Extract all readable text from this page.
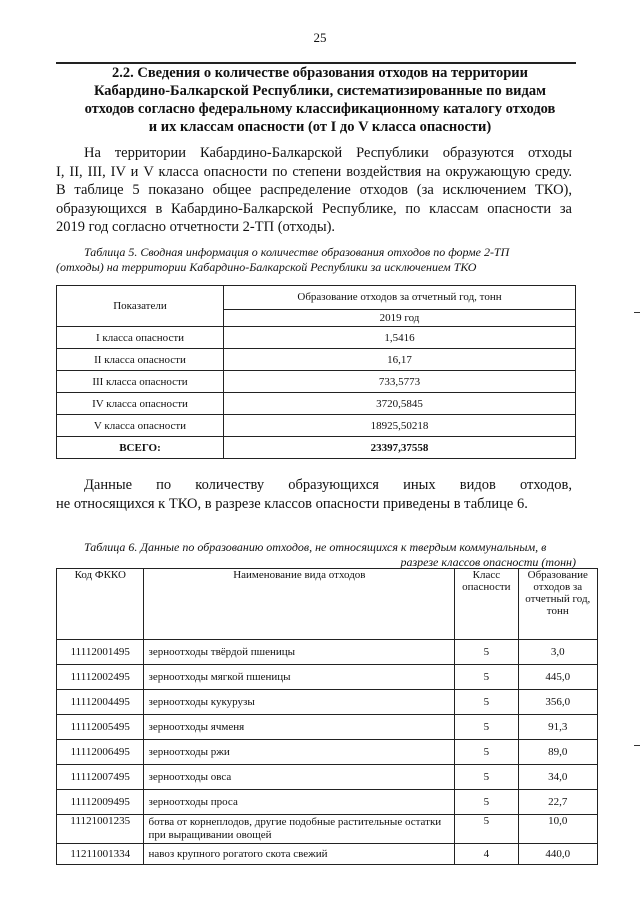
25
2.2. Сведения о количестве образования отходов на территории
Кабардино-Балкарской Республики, систематизированные по видам
отходов согласно федеральному классификационному каталогу отходов
и их классам опасности (от I до V класса опасности)
На территории Кабардино-Балкарской Республики образуются отходы
I, II, III, IV и V класса опасности по степени воздействия на окружающую среду.
В таблице 5 показано общее распределение отходов (за исключением ТКО),
образующихся в Кабардино-Балкарской Республике, по классам опасности за
2019 год согласно отчетности 2-ТП (отходы).
Таблица 5. Сводная информация о количестве образования отходов по форме 2-ТП
(отходы) на территории Кабардино-Балкарской Республики за исключением ТКО
Показатели	Образование отходов за отчетный год, тонн
	2019 год
I класса опасности	1,5416
II класса опасности	16,17
III класса опасности	733,5773
IV класса опасности	3720,5845
V класса опасности	18925,50218
ВСЕГО:	23397,37558
Данные по количеству образующихся иных видов отходов,
не относящихся к ТКО, в разрезе классов опасности приведены в таблице 6.
Таблица 6. Данные по образованию отходов, не относящихся к твердым коммунальным, в
разрезе классов опасности (тонн)
Код ФККО	Наименование вида отходов	Класс опасности	Образование отходов за отчетный год, тонн
11112001495	зерноотходы твёрдой пшеницы	5	3,0
11112002495	зерноотходы мягкой пшеницы	5	445,0
11112004495	зерноотходы кукурузы	5	356,0
11112005495	зерноотходы ячменя	5	91,3
11112006495	зерноотходы ржи	5	89,0
11112007495	зерноотходы овса	5	34,0
11112009495	зерноотходы проса	5	22,7
11121001235	ботва от корнеплодов, другие подобные растительные остатки при выращивании овощей	5	10,0
11211001334	навоз крупного рогатого скота свежий	4	440,0
